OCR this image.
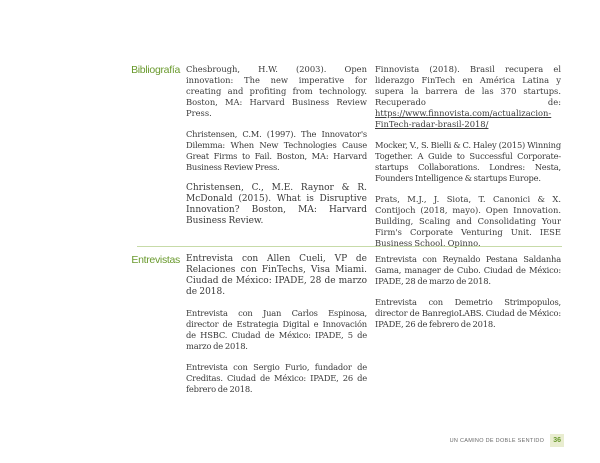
Bibliografía Chesbrough, H.W. (2003). Open innovation: The new imperative for creating and profiting from technology. Boston, MA: Harvard Business Review Press.

Christensen, C.M. (1997). The Innovator's Dilemma: When New Technologies Cause Great Firms to Fail. Boston, MA: Harvard Business Review Press.

Christensen, C., M.E. Raynor & R. McDonald (2015). What is Disruptive Innovation? Boston, MA: Harvard Business Review.

Finnovista (2018). Brasil recupera el liderazgo FinTech en América Latina y supera la barrera de las 370 startups. Recuperado de: https://www.finnovista.com/actualizacion-FinTech-radar-brasil-2018/

Mocker, V., S. Bielli & C. Haley (2015) Winning Together. A Guide to Successful Corporate-startups Collaborations. Londres: Nesta, Founders Intelligence & startups Europe.

Prats, M.J., J. Siota, T. Canonici & X. Contijoch (2018, mayo). Open Innovation. Building, Scaling and Consolidating Your Firm's Corporate Venturing Unit. IESE Business School, Opinno.

Entrevistas Entrevista con Allen Cueli, VP de Relaciones con FinTechs, Visa Miami. Ciudad de México: IPADE, 28 de marzo de 2018.

Entrevista con Juan Carlos Espinosa, director de Estrategia Digital e Innovación de HSBC. Ciudad de México: IPADE, 5 de marzo de 2018.

Entrevista con Sergio Furio, fundador de Creditas. Ciudad de México: IPADE, 26 de febrero de 2018.

Entrevista con Reynaldo Pestana Saldanha Gama, manager de Cubo. Ciudad de México: IPADE, 28 de marzo de 2018.

Entrevista con Demetrio Strimpopulos, director de BanregioLABS. Ciudad de México: IPADE, 26 de febrero de 2018.

UN CAMINO DE DOBLE SENTIDO	36
